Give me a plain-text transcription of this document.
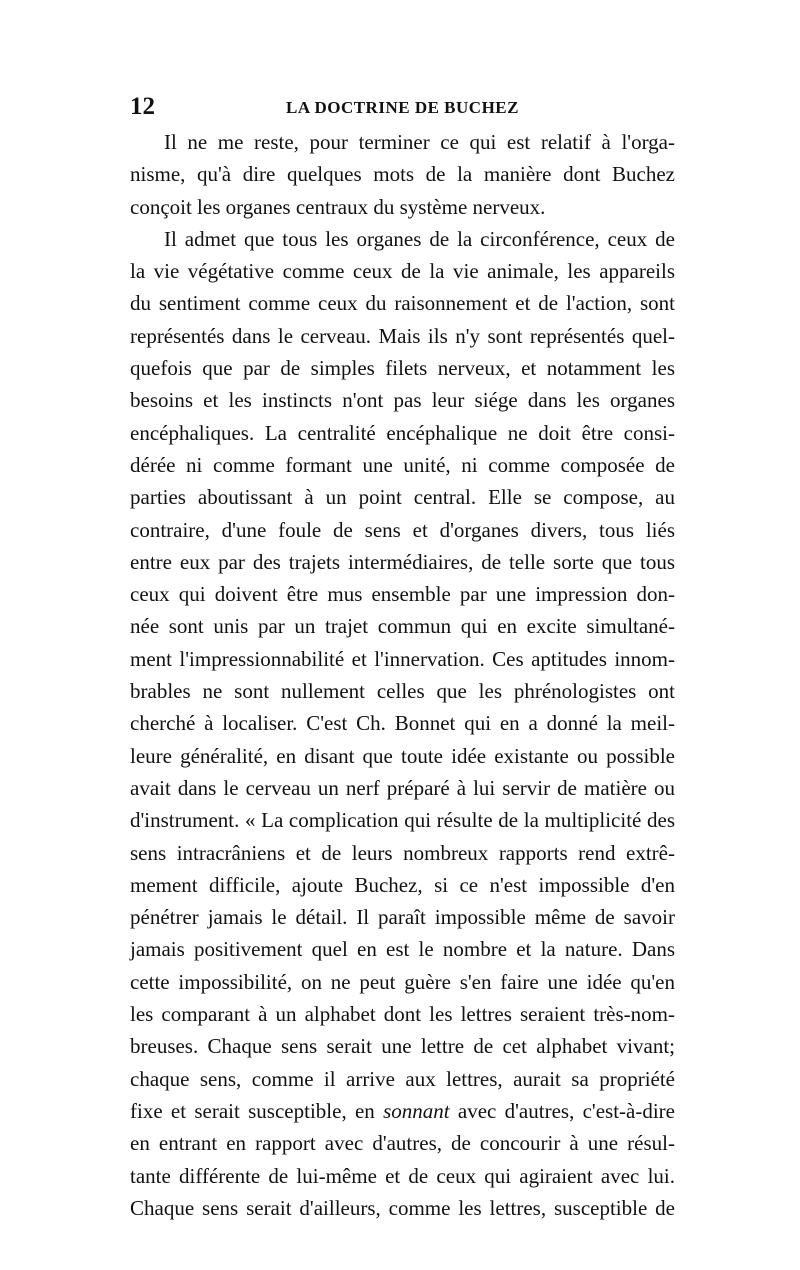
12	LA DOCTRINE DE BUCHEZ
Il ne me reste, pour terminer ce qui est relatif à l'orga-
nisme, qu'à dire quelques mots de la manière dont Buchez
conçoit les organes centraux du système nerveux.
Il admet que tous les organes de la circonférence, ceux de
la vie végétative comme ceux de la vie animale, les appareils
du sentiment comme ceux du raisonnement et de l'action, sont
représentés dans le cerveau. Mais ils n'y sont représentés quel-
quefois que par de simples filets nerveux, et notamment les
besoins et les instincts n'ont pas leur siége dans les organes
encéphaliques. La centralité encéphalique ne doit être consi-
dérée ni comme formant une unité, ni comme composée de
parties aboutissant à un point central. Elle se compose, au
contraire, d'une foule de sens et d'organes divers, tous liés
entre eux par des trajets intermédiaires, de telle sorte que tous
ceux qui doivent être mus ensemble par une impression don-
née sont unis par un trajet commun qui en excite simultané-
ment l'impressionnabilité et l'innervation. Ces aptitudes innom-
brables ne sont nullement celles que les phrénologistes ont
cherché à localiser. C'est Ch. Bonnet qui en a donné la meil-
leure généralité, en disant que toute idée existante ou possible
avait dans le cerveau un nerf préparé à lui servir de matière ou
d'instrument. « La complication qui résulte de la multiplicité des
sens intracrâniens et de leurs nombreux rapports rend extrê-
mement difficile, ajoute Buchez, si ce n'est impossible d'en
pénétrer jamais le détail. Il paraît impossible même de savoir
jamais positivement quel en est le nombre et la nature. Dans
cette impossibilité, on ne peut guère s'en faire une idée qu'en
les comparant à un alphabet dont les lettres seraient très-nom-
breuses. Chaque sens serait une lettre de cet alphabet vivant;
chaque sens, comme il arrive aux lettres, aurait sa propriété
fixe et serait susceptible, en sonnant avec d'autres, c'est-à-dire
en entrant en rapport avec d'autres, de concourir à une résul-
tante différente de lui-même et de ceux qui agiraient avec lui.
Chaque sens serait d'ailleurs, comme les lettres, susceptible de
